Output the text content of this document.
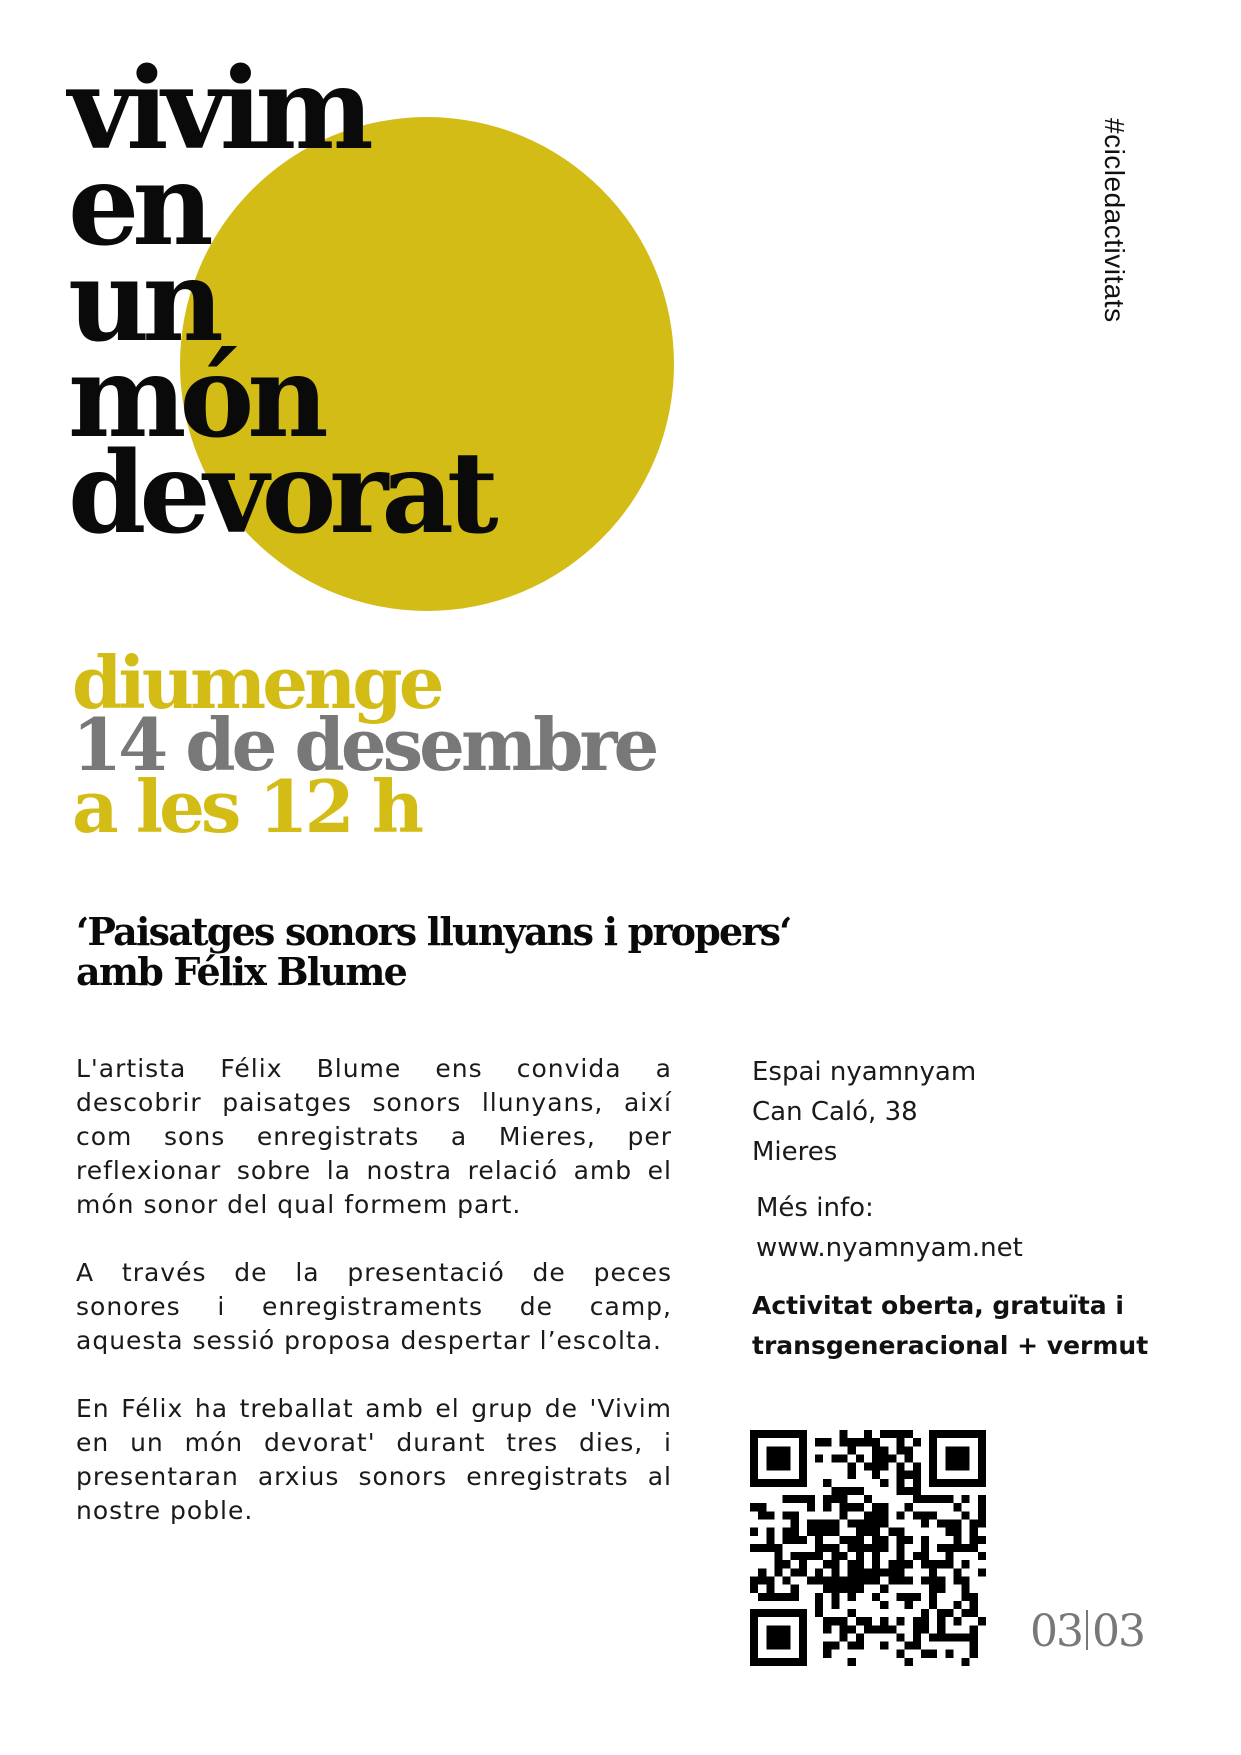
vivim
en
un
món
devorat
#cicledactivitats
diumenge
14 de desembre
a les 12 h
‘Paisatges sonors llunyans i propers‘
amb Félix Blume

L'artista Félix Blume ens convida a descobrir paisatges sonors llunyans, així com sons enregistrats a Mieres, per reflexionar sobre la nostra relació amb el món sonor del qual formem part.

A través de la presentació de peces sonores i enregistraments de camp, aquesta sessió proposa despertar l’escolta.

En Félix ha treballat amb el grup de 'Vivim en un món devorat' durant tres dies, i presentaran arxius sonors enregistrats al nostre poble.

Espai nyamnyam
Can Caló, 38
Mieres
Més info:
www.nyamnyam.net
Activitat oberta, gratuïta i
transgeneracional + vermut
03 03
